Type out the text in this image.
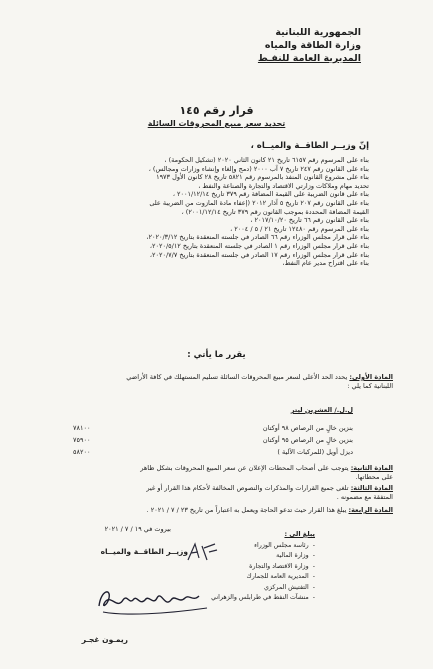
الجمهورية اللبنانية
وزارة الطاقة والمياه
المديرية العامة للنفـط
قرار رقم ١٤٥
تحديد سعر مبيع المحروقات السائلة
إنّ وزيــر الطاقــة والميــاه ،
بناء على المرسوم رقم ٦١٥٧ تاريخ ٢١ كانون الثاني ٢٠٢٠ (تشكيل الحكومة) ،
بناء على القانون رقم ٢٤٧ تاريخ ٧ آب ٢٠٠٠ (دمج وإلغاء وإنشاء وزارات ومجالس) ،
بناء على مشروع القانون المنفذ بالمرسوم رقم ٥٨٢١ تاريخ ٢٨ كانون الأول ١٩٧٣
تحديد مهام وملاكات وزارتي الاقتصاد والتجارة والصناعة والنفط ،
بناء على قانون الضريبة على القيمة المضافة رقم ٣٧٩ تاريخ ٢٠٠١/١٢/١٤ ،
بناء على القانون رقم ٢٠٧ تاريخ ٥ آذار ٢٠١٢ (إعفاء مادة المازوت من الضريبة على
القيمة المضافة المحددة بموجب القانون رقم ٣٧٩ تاريخ ٢٠٠١/١٢/١٤) ،
بناء على القانون رقم ٦٦ تاريخ ٢٠١٧/١٠/٢٠ ،
بناء على المرسوم رقم ١٢٤٨٠ تاريخ ٢١ / ٥ / ٢٠٠٤ ،
بناء على قرار مجلس الوزراء رقم ٦٦ الصادر في جلسته المنعقدة بتاريخ ٢٠٢٠/٣/١٢،
بناء على قرار مجلس الوزراء رقم ١ الصادر في جلسته المنعقدة بتاريخ ٢٠٢٠/٥/١٢،
بناء على قرار مجلس الوزراء رقم ١٧ الصادر في جلسته المنعقدة بتاريخ ٢٠٢٠/٧/٧،
بناء على اقتراح مدير عام النفط،
يقرر ما يأتي :
المادة الأولى: يحدد الحد الأعلى لسعر مبيع المحروقات السائلة تسليم المستهلك في كافة الأراضي
اللبنانية كما يلي :
ل.ل./ العشرين ليتر
بنزين خالٍ من الرصاص ٩٨ أوكتان
٧٨١٠٠
بنزين خالٍ من الرصاص ٩٥ أوكتان
٧٥٩٠٠
ديزل أويل (للمركبات الآلية )
٥٨٢٠٠
المادة الثانية: يتوجب على أصحاب المحطات الإعلان عن سعر المبيع المحروقات بشكل ظاهر
على محطاتها.
المادة الثالثة: تلغى جميع القرارات والمذكرات والنصوص المخالفة لأحكام هذا القرار أو غير
المتفقة مع مضمونه .
المادة الرابعة: يبلغ هذا القرار حيث تدعو الحاجة ويعمل به اعتباراً من تاريخ ٢٣ / ٧ / ٢٠٢١ .
بيروت في ١٩ / ٧ / ٢٠٢١
وزيــر الطاقــة والميــاه
ريمـون غجـر
يبلغ الى :
-رئاسة مجلس الوزراء
-وزارة المالية
-وزارة الاقتصاد والتجارة
-المديرية العامة للجمارك
-التفتيش المركزي
-منشآت النفط في طرابلس والزهراني
